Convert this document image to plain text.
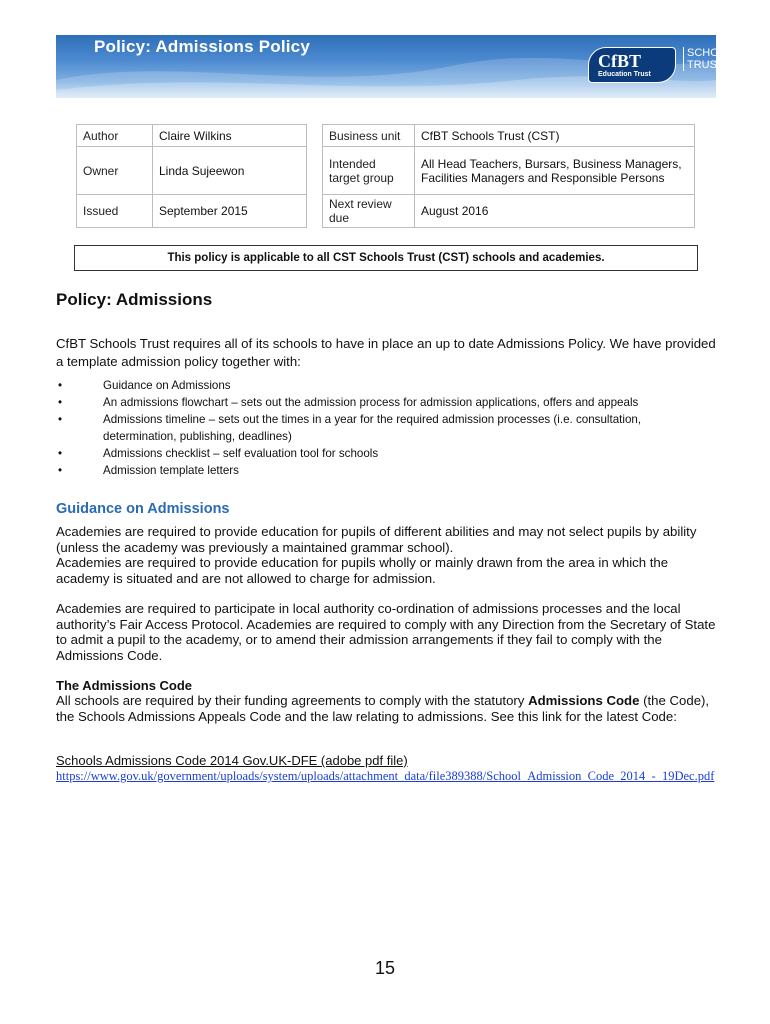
Policy: Admissions Policy
CfBT
Education Trust
SCHOOLS
TRUST
Author	Claire Wilkins		Business unit	CfBT Schools Trust (CST)
Owner	Linda Sujeewon		Intended target group	All Head Teachers, Bursars, Business Managers, Facilities Managers and Responsible Persons
Issued	September 2015		Next review due	August 2016
This policy is applicable to all CST Schools Trust (CST) schools and academies.
Policy: Admissions

CfBT Schools Trust requires all of its schools to have in place an up to date Admissions Policy. We have provided a template admission policy together with:

•	Guidance on Admissions
•	An admissions flowchart – sets out the admission process for admission applications, offers and appeals
•	Admissions timeline – sets out the times in a year for the required admission processes (i.e. consultation, determination, publishing, deadlines)
•	Admissions checklist – self evaluation tool for schools
•	Admission template letters
Guidance on Admissions

Academies are required to provide education for pupils of different abilities and may not select pupils by ability (unless the academy was previously a maintained grammar school).

Academies are required to provide education for pupils wholly or mainly drawn from the area in which the academy is situated and are not allowed to charge for admission.

Academies are required to participate in local authority co-ordination of admissions processes and the local authority’s Fair Access Protocol. Academies are required to comply with any Direction from the Secretary of State to admit a pupil to the academy, or to amend their admission arrangements if they fail to comply with the Admissions Code.

The Admissions Code

All schools are required by their funding agreements to comply with the statutory Admissions Code (the Code), the Schools Admissions Appeals Code and the law relating to admissions. See this link for the latest Code:

Schools Admissions Code 2014 Gov.UK-DFE (adobe pdf file)
https://www.gov.uk/government/uploads/system/uploads/attachment_data/file389388/School_Admission_Code_2014_-_19Dec.pdf
15
